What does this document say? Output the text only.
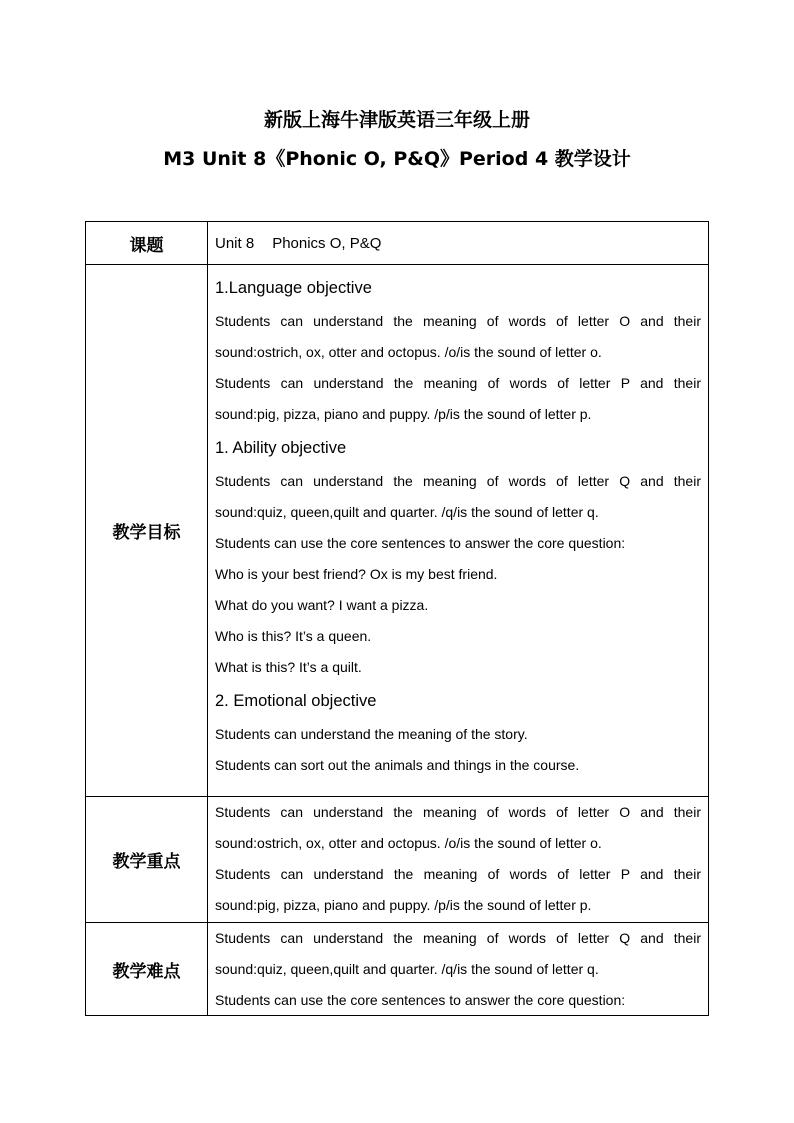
新版上海牛津版英语三年级上册
M3 Unit 8《Phonic O, P&Q》Period 4 教学设计
课题	Unit 8 Phonics O, P&Q
教学目标
1.Language objective
Students can understand the meaning of words of letter O and their
sound:ostrich, ox, otter and octopus. /o/is the sound of letter o.
Students can understand the meaning of words of letter P and their
sound:pig, pizza, piano and puppy. /p/is the sound of letter p.
1. Ability objective
Students can understand the meaning of words of letter Q and their
sound:quiz, queen,quilt and quarter. /q/is the sound of letter q.
Students can use the core sentences to answer the core question:
Who is your best friend? Ox is my best friend.
What do you want? I want a pizza.
Who is this? It’s a queen.
What is this? It’s a quilt.
2. Emotional objective
Students can understand the meaning of the story.
Students can sort out the animals and things in the course.
教学重点
Students can understand the meaning of words of letter O and their
sound:ostrich, ox, otter and octopus. /o/is the sound of letter o.
Students can understand the meaning of words of letter P and their
sound:pig, pizza, piano and puppy. /p/is the sound of letter p.
教学难点
Students can understand the meaning of words of letter Q and their
sound:quiz, queen,quilt and quarter. /q/is the sound of letter q.
Students can use the core sentences to answer the core question:
